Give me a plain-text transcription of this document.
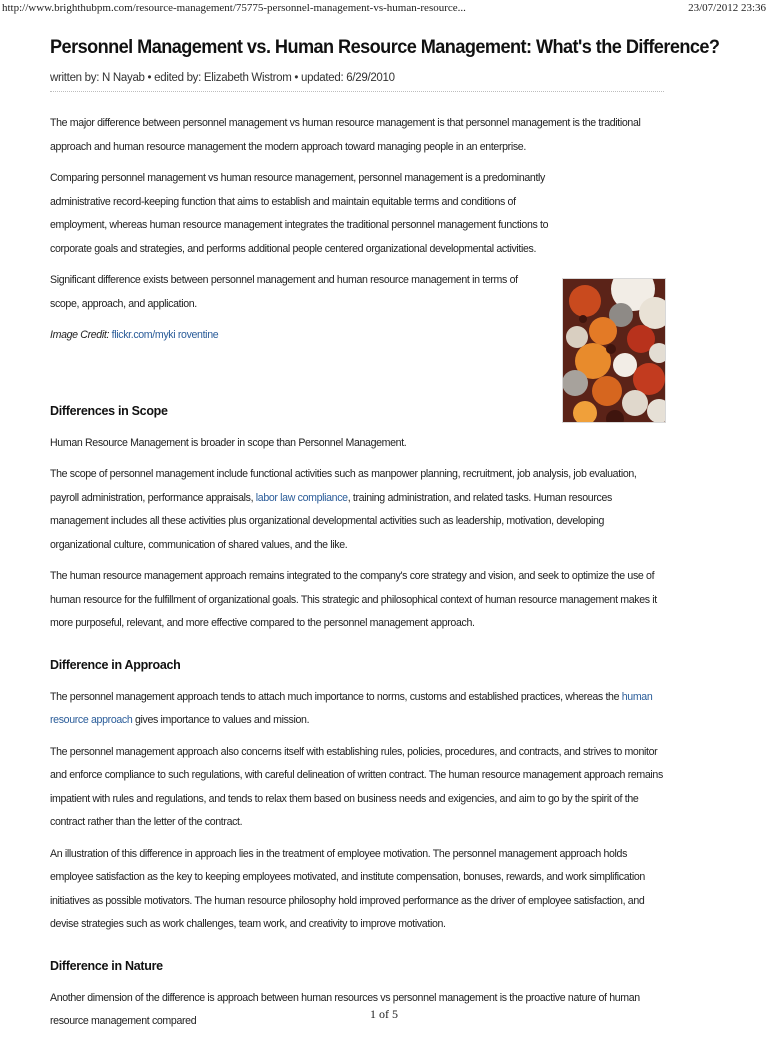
http://www.brighthubpm.com/resource-management/75775-personnel-management-vs-human-resource...	23/07/2012 23:36
Personnel Management vs. Human Resource Management: What's the Difference?
written by: N Nayab • edited by: Elizabeth Wistrom • updated: 6/29/2010

The major difference between personnel management vs human resource management is that personnel management is the traditional approach and human resource management the modern approach toward managing people in an enterprise.

Comparing personnel management vs human resource management, personnel management is a predominantly administrative record-keeping function that aims to establish and maintain equitable terms and conditions of employment, whereas human resource management integrates the traditional personnel management functions to corporate goals and strategies, and performs additional people centered organizational developmental activities.

Significant difference exists between personnel management and human resource management in terms of scope, approach, and application.

Image Credit: flickr.com/myki roventine

Differences in Scope

Human Resource Management is broader in scope than Personnel Management.

The scope of personnel management include functional activities such as manpower planning, recruitment, job analysis, job evaluation, payroll administration, performance appraisals, labor law compliance, training administration, and related tasks. Human resources management includes all these activities plus organizational developmental activities such as leadership, motivation, developing organizational culture, communication of shared values, and the like.

The human resource management approach remains integrated to the company's core strategy and vision, and seek to optimize the use of human resource for the fulfillment of organizational goals. This strategic and philosophical context of human resource management makes it more purposeful, relevant, and more effective compared to the personnel management approach.

Difference in Approach

The personnel management approach tends to attach much importance to norms, customs and established practices, whereas the human resource approach gives importance to values and mission.

The personnel management approach also concerns itself with establishing rules, policies, procedures, and contracts, and strives to monitor and enforce compliance to such regulations, with careful delineation of written contract. The human resource management approach remains impatient with rules and regulations, and tends to relax them based on business needs and exigencies, and aim to go by the spirit of the contract rather than the letter of the contract.

An illustration of this difference in approach lies in the treatment of employee motivation. The personnel management approach holds employee satisfaction as the key to keeping employees motivated, and institute compensation, bonuses, rewards, and work simplification initiatives as possible motivators. The human resource philosophy hold improved performance as the driver of employee satisfaction, and devise strategies such as work challenges, team work, and creativity to improve motivation.

Difference in Nature

Another dimension of the difference is approach between human resources vs personnel management is the proactive nature of human resource management compared	1 of 5
